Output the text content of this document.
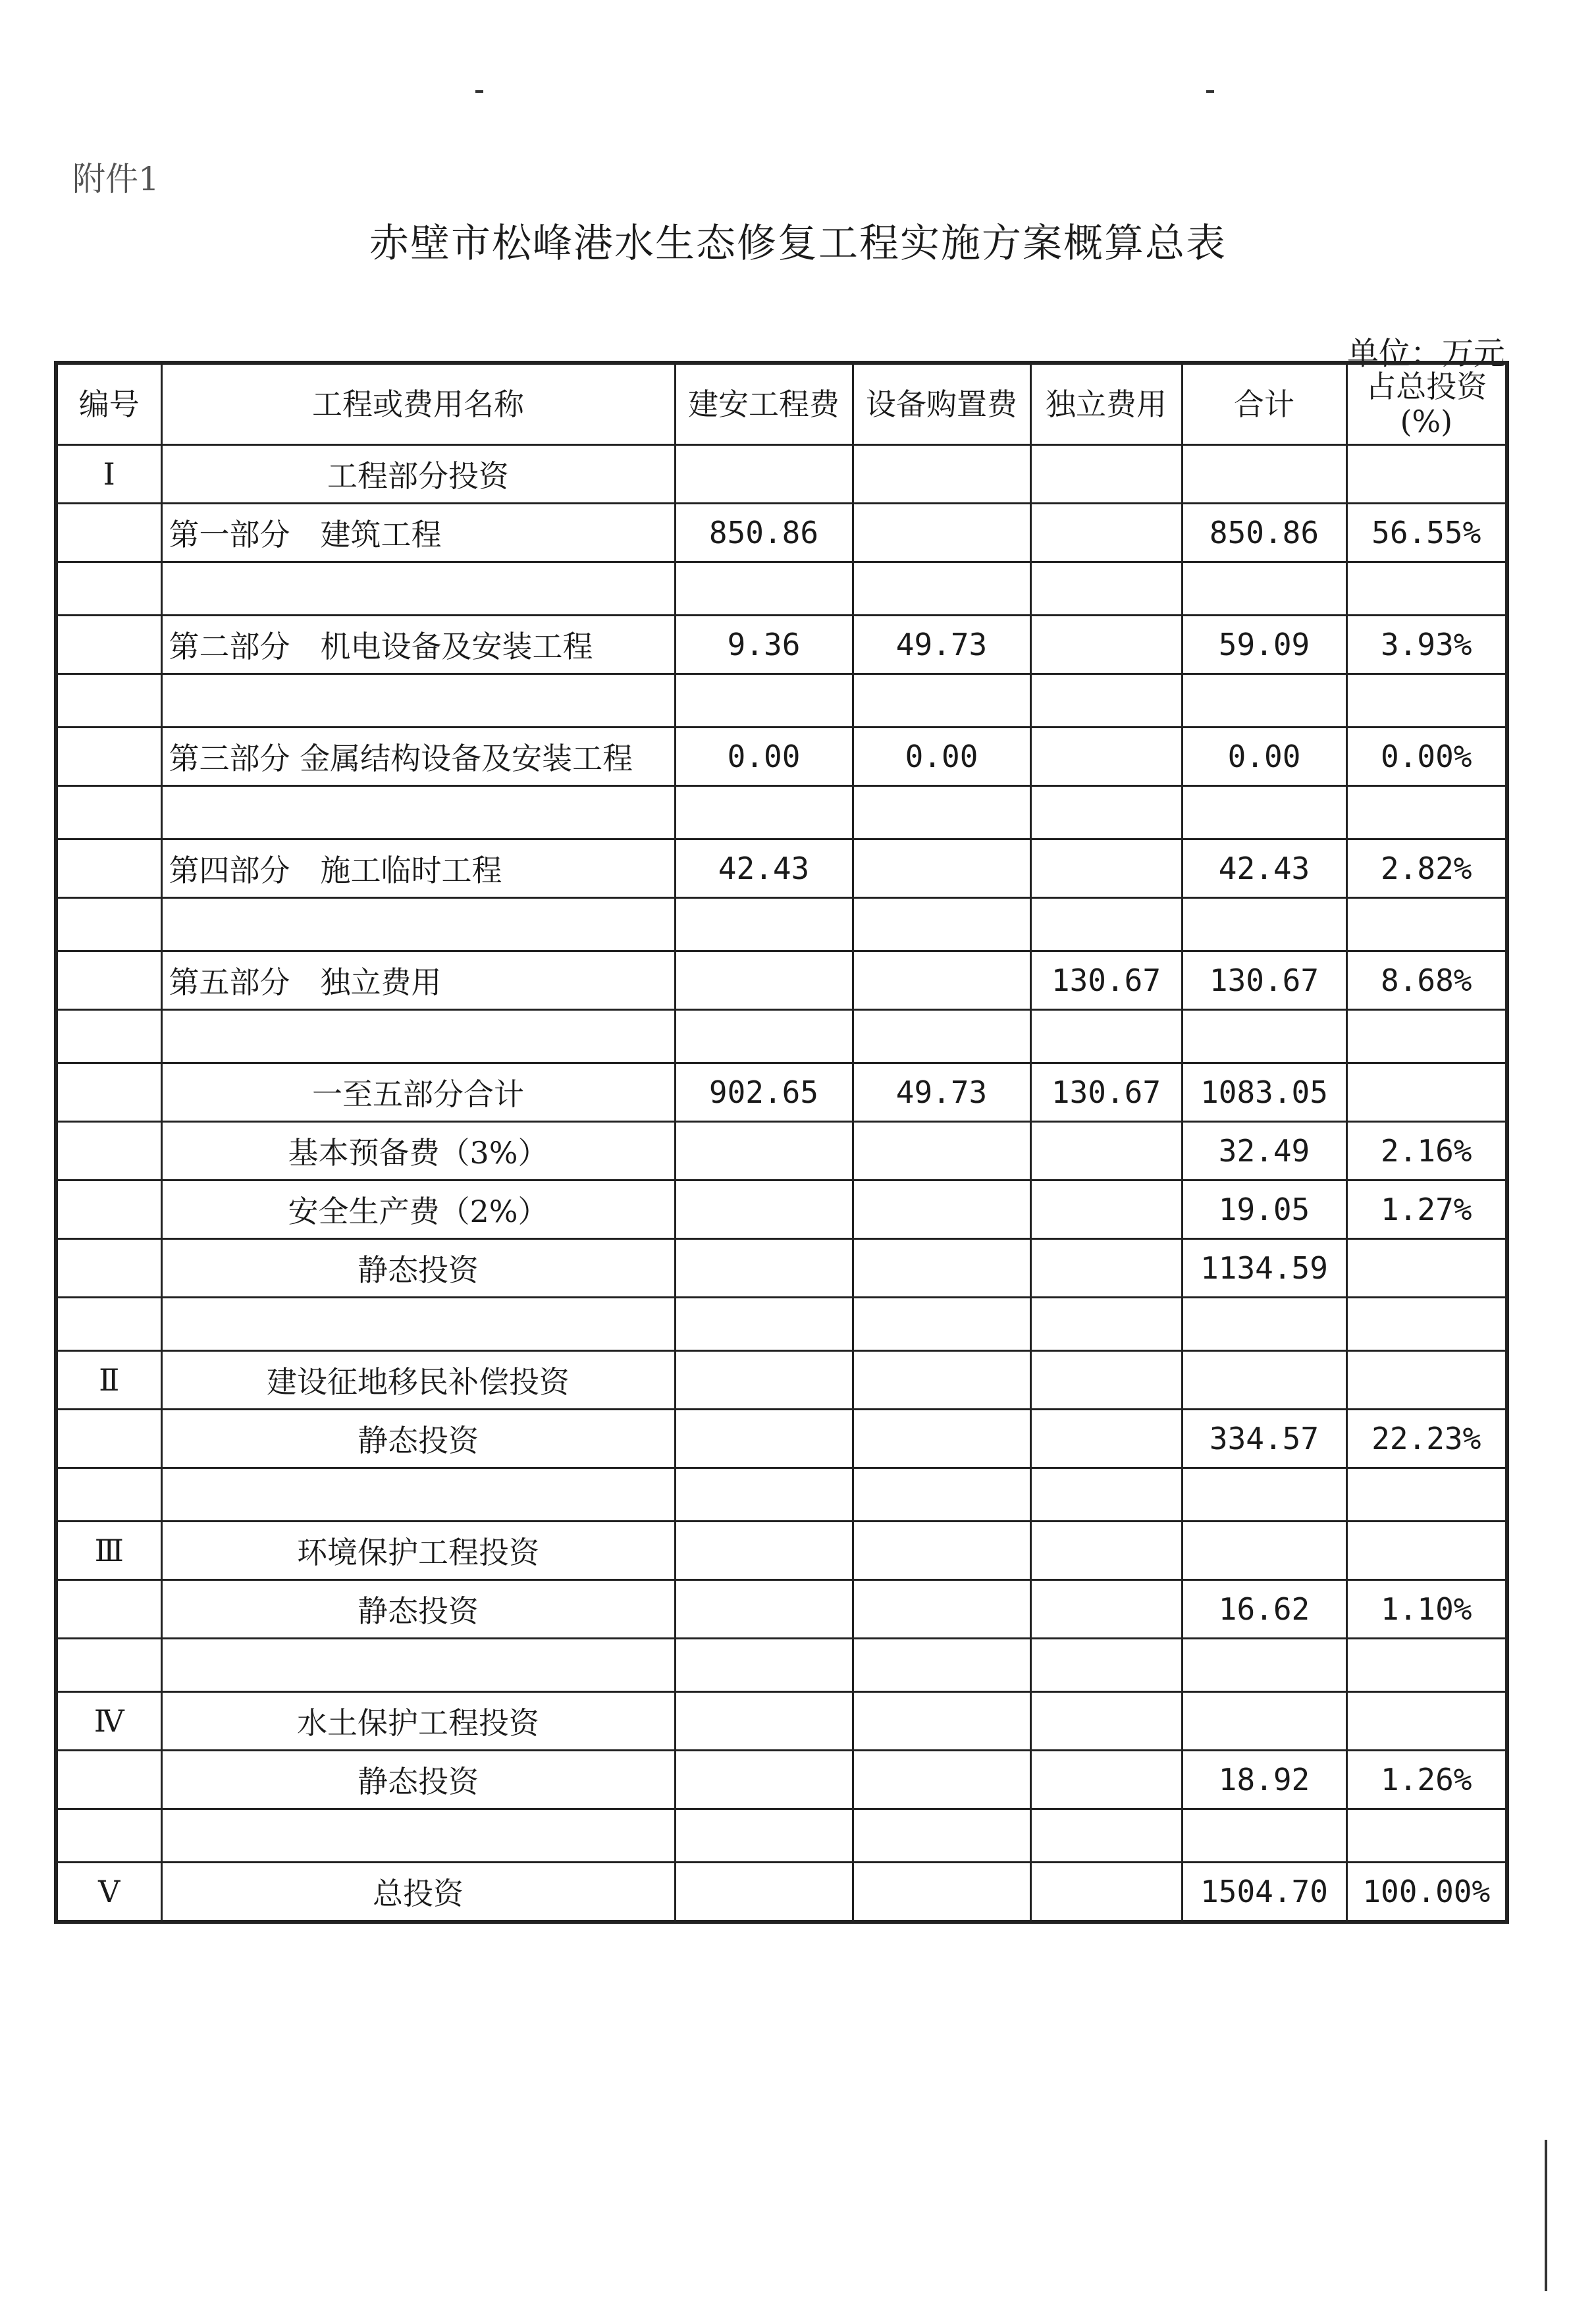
附件1
赤壁市松峰港水生态修复工程实施方案概算总表
单位：万元
编号	工程或费用名称	建安工程费	设备购置费	独立费用	合计	占总投资
(%)

Ⅰ	工程部分投资					
	第一部分　建筑工程	850.86			850.86	56.55%

	第二部分　机电设备及安装工程	9.36	49.73		59.09	3.93%

	第三部分 金属结构设备及安装工程	0.00	0.00		0.00	0.00%

	第四部分　施工临时工程	42.43			42.43	2.82%

	第五部分　独立费用			130.67	130.67	8.68%

	一至五部分合计	902.65	49.73	130.67	1083.05	
	基本预备费（3%）				32.49	2.16%
	安全生产费（2%）				19.05	1.27%
	静态投资				1134.59	

Ⅱ	建设征地移民补偿投资					
	静态投资				334.57	22.23%

Ⅲ	环境保护工程投资					
	静态投资				16.62	1.10%

Ⅳ	水土保护工程投资					
	静态投资				18.92	1.26%

Ⅴ	总投资				1504.70	100.00%
